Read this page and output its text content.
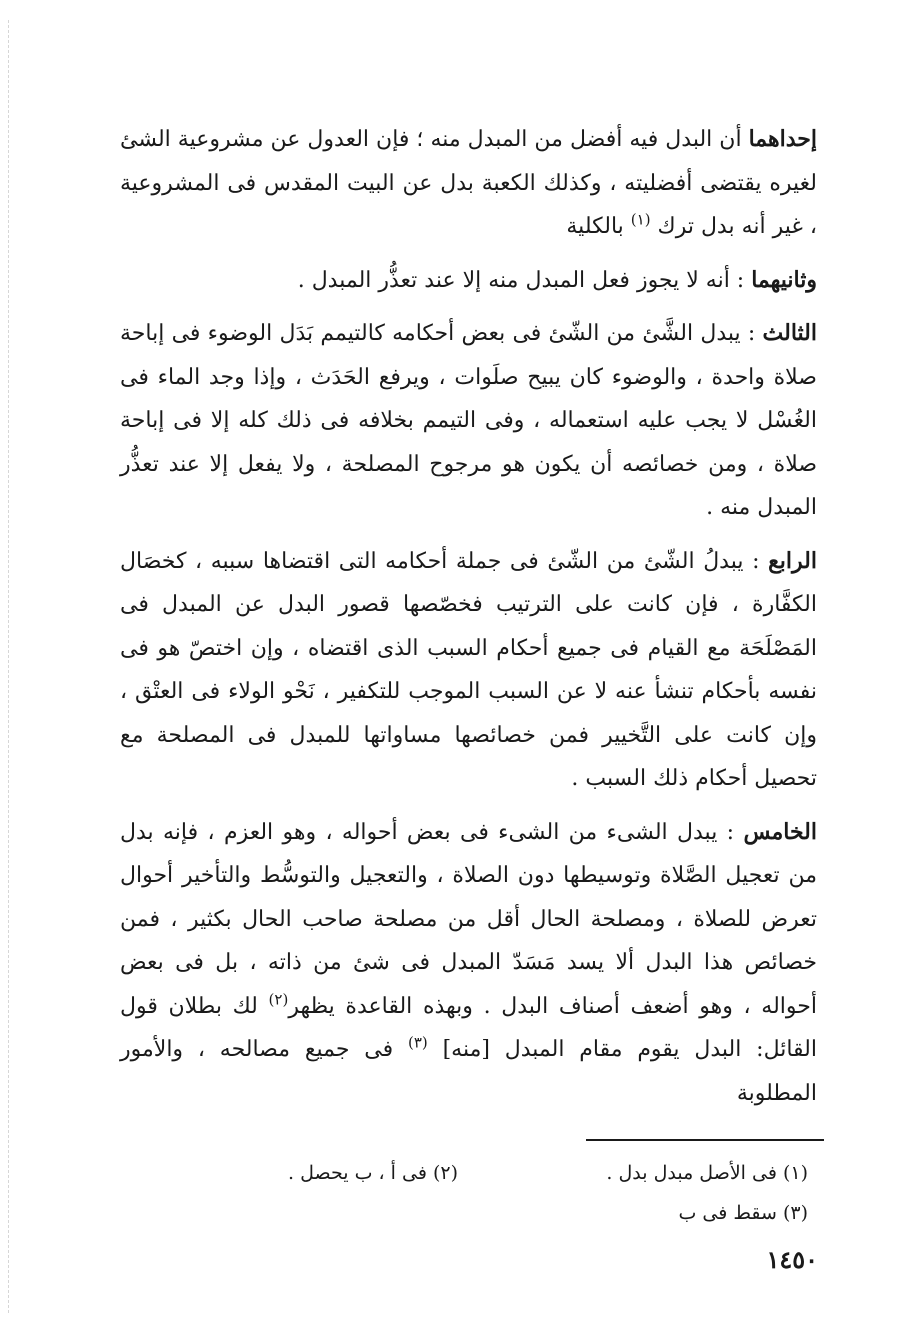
إحداهما أن البدل فيه أفضل من المبدل منه ؛ فإن العدول عن مشروعية الشئ لغيره يقتضى أفضليته ، وكذلك الكعبة بدل عن البيت المقدس فى المشروعية ، غير أنه بدل ترك $^{(١)}$ بالكلية

وثانيهما : أنه لا يجوز فعل المبدل منه إلا عند تعذُّر المبدل .

الثالث : يبدل الشَّئ من الشّئ فى بعض أحكامه كالتيمم بَدَل الوضوء فى إباحة صلاة واحدة ، والوضوء كان يبيح صلَوات ، ويرفع الحَدَث ، وإذا وجد الماء فى الغُسْل لا يجب عليه استعماله ، وفى التيمم بخلافه فى ذلك كله إلا فى إباحة صلاة ، ومن خصائصه أن يكون هو مرجوح المصلحة ، ولا يفعل إلا عند تعذُّر المبدل منه .

الرابع : يبدلُ الشّئ من الشّئ فى جملة أحكامه التى اقتضاها سببه ، كخصَال الكفَّارة ، فإن كانت على الترتيب فخصّصها قصور البدل عن المبدل فى المَصْلَحَة مع القيام فى جميع أحكام السبب الذى اقتضاه ، وإن اختصّ هو فى نفسه بأحكام تنشأ عنه لا عن السبب الموجب للتكفير ، نَحْو الولاء فى العتْق ، وإن كانت على التَّخيير فمن خصائصها مساواتها للمبدل فى المصلحة مع تحصيل أحكام ذلك السبب .

الخامس : يبدل الشىء من الشىء فى بعض أحواله ، وهو العزم ، فإنه بدل من تعجيل الصَّلاة وتوسيطها دون الصلاة ، والتعجيل والتوسُّط والتأخير أحوال تعرض للصلاة ، ومصلحة الحال أقل من مصلحة صاحب الحال بكثير ، فمن خصائص هذا البدل ألا يسد مَسَدّ المبدل فى شئ من ذاته ، بل فى بعض أحواله ، وهو أضعف أصناف البدل . وبهذه القاعدة يظهر$^{(٢)}$ لك بطلان قول القائل: البدل يقوم مقام المبدل [منه] $^{(٣)}$ فى جميع مصالحه ، والأمور المطلوبة

(١) فى الأصل مبدل بدل .
(٢) فى أ ، ب يحصل .
(٣) سقط فى ب
١٤٥٠
